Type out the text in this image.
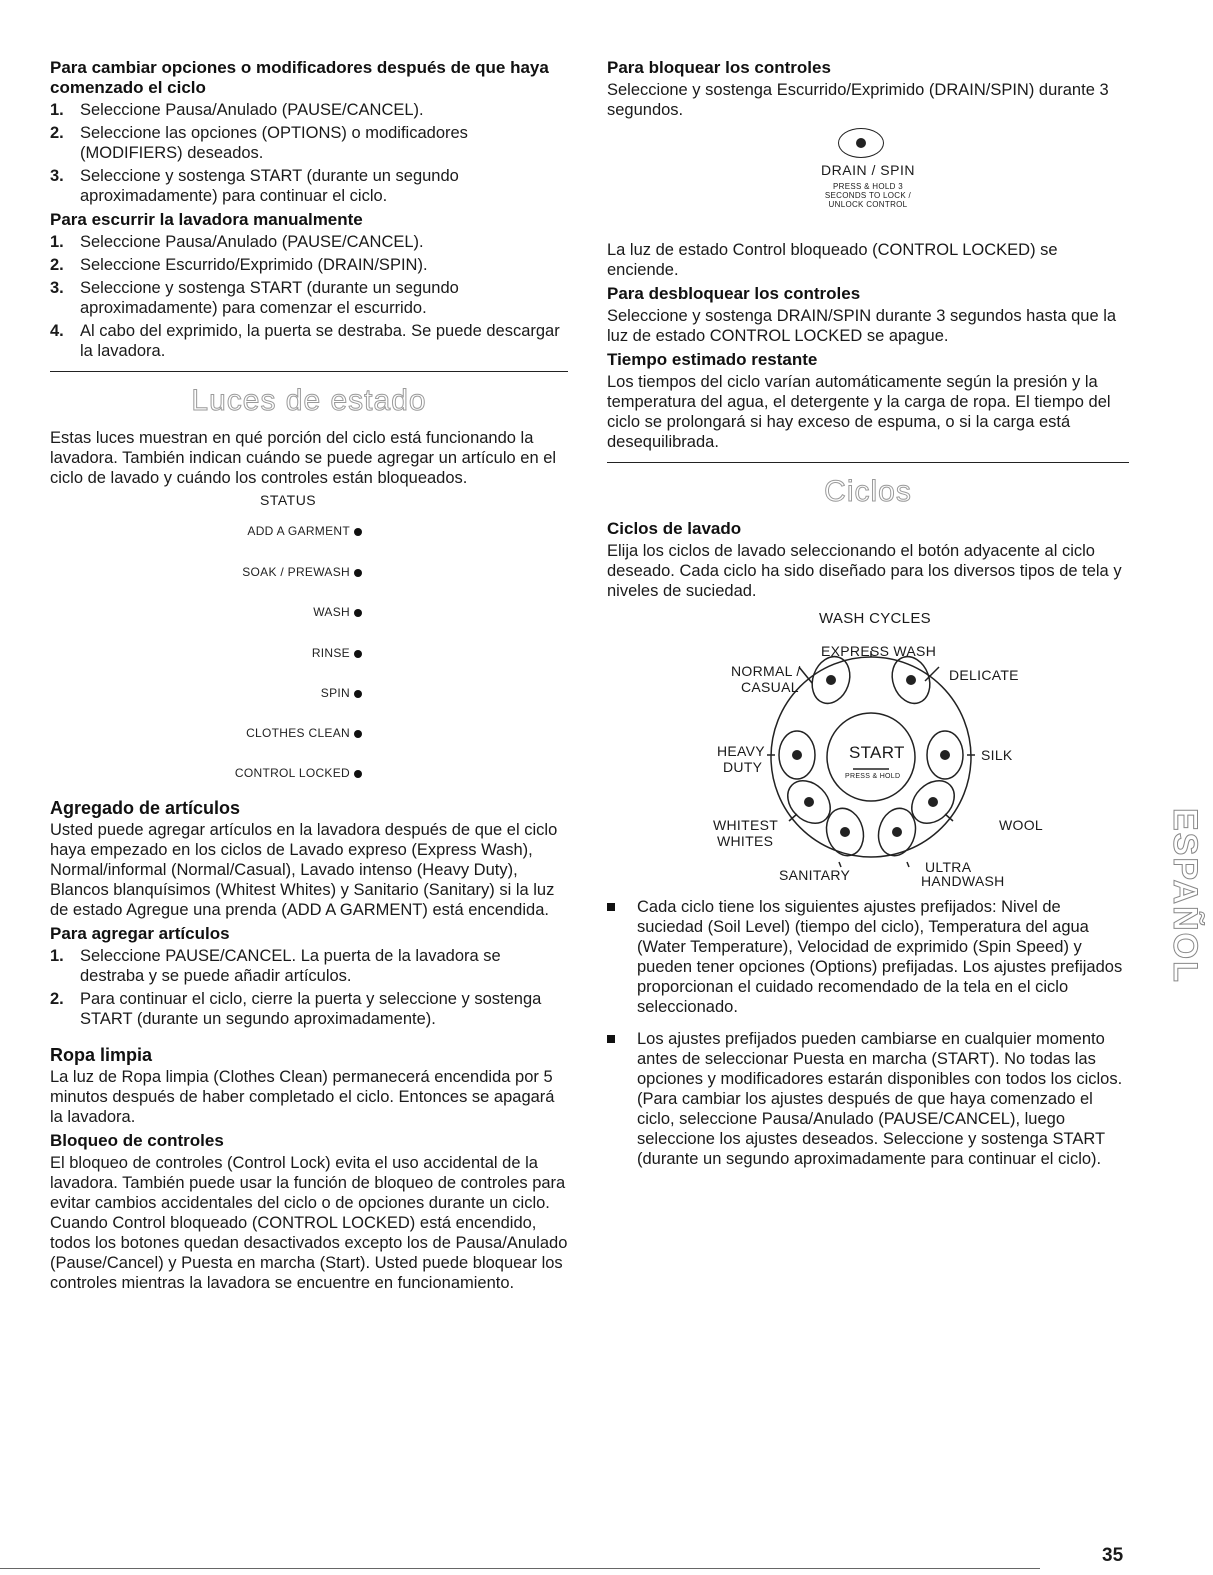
Para cambiar opciones o modificadores después de que haya comenzado el ciclo
1. Seleccione Pausa/Anulado (PAUSE/CANCEL).
2. Seleccione las opciones (OPTIONS) o modificadores (MODIFIERS) deseados.
3. Seleccione y sostenga START (durante un segundo aproximadamente) para continuar el ciclo.
Para escurrir la lavadora manualmente
1. Seleccione Pausa/Anulado (PAUSE/CANCEL).
2. Seleccione Escurrido/Exprimido (DRAIN/SPIN).
3. Seleccione y sostenga START (durante un segundo aproximadamente) para comenzar el escurrido.
4. Al cabo del exprimido, la puerta se destraba. Se puede descargar la lavadora.
Luces de estado

Estas luces muestran en qué porción del ciclo está funcionando la lavadora. También indican cuándo se puede agregar un artículo en el ciclo de lavado y cuándo los controles están bloqueados.

STATUS
ADD A GARMENT
SOAK / PREWASH
WASH
RINSE
SPIN
CLOTHES CLEAN
CONTROL LOCKED
Agregado de artículos

Usted puede agregar artículos en la lavadora después de que el ciclo haya empezado en los ciclos de Lavado expreso (Express Wash), Normal/informal (Normal/Casual), Lavado intenso (Heavy Duty), Blancos blanquísimos (Whitest Whites) y Sanitario (Sanitary) si la luz de estado Agregue una prenda (ADD A GARMENT) está encendida.

Para agregar artículos
1. Seleccione PAUSE/CANCEL. La puerta de la lavadora se destraba y se puede añadir artículos.
2. Para continuar el ciclo, cierre la puerta y seleccione y sostenga START (durante un segundo aproximadamente).
Ropa limpia

La luz de Ropa limpia (Clothes Clean) permanecerá encendida por 5 minutos después de haber completado el ciclo. Entonces se apagará la lavadora.

Bloqueo de controles

El bloqueo de controles (Control Lock) evita el uso accidental de la lavadora. También puede usar la función de bloqueo de controles para evitar cambios accidentales del ciclo o de opciones durante un ciclo. Cuando Control bloqueado (CONTROL LOCKED) está encendido, todos los botones quedan desactivados excepto los de Pausa/Anulado (Pause/Cancel) y Puesta en marcha (Start). Usted puede bloquear los controles mientras la lavadora se encuentre en funcionamiento.

Para bloquear los controles

Seleccione y sostenga Escurrido/Exprimido (DRAIN/SPIN) durante 3 segundos.

DRAIN / SPIN
PRESS & HOLD 3
SECONDS TO LOCK /
UNLOCK CONTROL

La luz de estado Control bloqueado (CONTROL LOCKED) se enciende.

Para desbloquear los controles

Seleccione y sostenga DRAIN/SPIN durante 3 segundos hasta que la luz de estado CONTROL LOCKED se apague.

Tiempo estimado restante

Los tiempos del ciclo varían automáticamente según la presión y la temperatura del agua, el detergente y la carga de ropa. El tiempo del ciclo se prolongará si hay exceso de espuma, o si la carga está desequilibrada.

Ciclos
Ciclos de lavado

Elija los ciclos de lavado seleccionando el botón adyacente al ciclo deseado. Cada ciclo ha sido diseñado para los diversos tipos de tela y niveles de suciedad.

WASH CYCLES
EXPRESS WASH
NORMAL /
CASUAL
DELICATE
HEAVY
DUTY
SILK
START
PRESS & HOLD
WHITEST
WHITES
WOOL
SANITARY	ULTRA
HANDWASH
Cada ciclo tiene los siguientes ajustes prefijados: Nivel de suciedad (Soil Level) (tiempo del ciclo), Temperatura del agua (Water Temperature), Velocidad de exprimido (Spin Speed) y pueden tener opciones (Options) prefijadas. Los ajustes prefijados proporcionan el cuidado recomendado de la tela en el ciclo seleccionado.
Los ajustes prefijados pueden cambiarse en cualquier momento antes de seleccionar Puesta en marcha (START). No todas las opciones y modificadores estarán disponibles con todos los ciclos. (Para cambiar los ajustes después de que haya comenzado el ciclo, seleccione Pausa/Anulado (PAUSE/CANCEL), luego seleccione los ajustes deseados. Seleccione y sostenga START (durante un segundo aproximadamente para continuar el ciclo).
ESPAÑOL
35
